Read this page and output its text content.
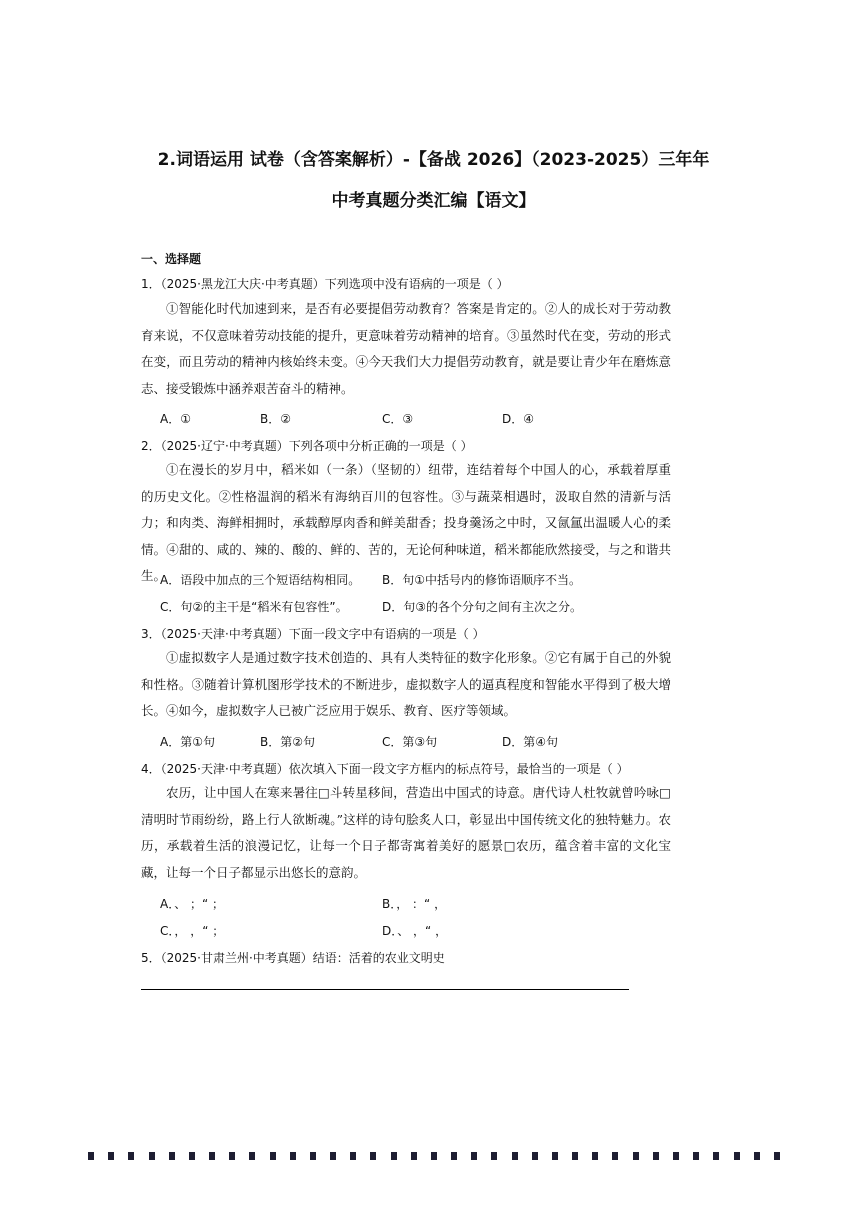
2.词语运用 试卷（含答案解析）-【备战 2026】（2023-2025）三年年
中考真题分类汇编【语文】
一、选择题
1．（2025·黑龙江大庆·中考真题）下列选项中没有语病的一项是（ ）
①智能化时代加速到来，是否有必要提倡劳动教育？答案是肯定的。②人的成长对于劳动教育来说，不仅意味着劳动技能的提升，更意味着劳动精神的培育。③虽然时代在变，劳动的形式在变，而且劳动的精神内核始终未变。④今天我们大力提倡劳动教育，就是要让青少年在磨炼意志、接受锻炼中涵养艰苦奋斗的精神。
A．①	B．②	C．③	D．④
2．（2025·辽宁·中考真题）下列各项中分析正确的一项是（ ）
①在漫长的岁月中，稻米如（一条）（坚韧的）纽带，连结着每个中国人的心，承载着厚重的历史文化。②性格温润的稻米有海纳百川的包容性。③与蔬菜相遇时，汲取自然的清新与活力；和肉类、海鲜相拥时，承载醇厚肉香和鲜美甜香；投身羹汤之中时，又氤氲出温暖人心的柔情。④甜的、咸的、辣的、酸的、鲜的、苦的，无论何种味道，稻米都能欣然接受，与之和谐共生。
A．语段中加点的三个短语结构相同。 B．句①中括号内的修饰语顺序不当。
C．句②的主干是“稻米有包容性”。	D．句③的各个分句之间有主次之分。
3．（2025·天津·中考真题）下面一段文字中有语病的一项是（ ）
①虚拟数字人是通过数字技术创造的、具有人类特征的数字化形象。②它有属于自己的外貌和性格。③随着计算机图形学技术的不断进步，虚拟数字人的逼真程度和智能水平得到了极大增长。④如今，虚拟数字人已被广泛应用于娱乐、教育、医疗等领域。
A．第①句	B．第②句	C．第③句	D．第④句
4．（2025·天津·中考真题）依次填入下面一段文字方框内的标点符号，最恰当的一项是（ ）
农历，让中国人在寒来暑往□斗转星移间，营造出中国式的诗意。唐代诗人杜牧就曾吟咏□清明时节雨纷纷，路上行人欲断魂。”这样的诗句脍炙人口，彰显出中国传统文化的独特魅力。农历，承载着生活的浪漫记忆，让每一个日子都寄寓着美好的愿景□农历，蕴含着丰富的文化宝藏，让每一个日子都显示出悠长的意韵。
A．、 ；“ ；	B．， ：“ ，
C．， ，“ ；	D．、 ，“ ，
5．（2025·甘肃兰州·中考真题）结语：活着的农业文明史
